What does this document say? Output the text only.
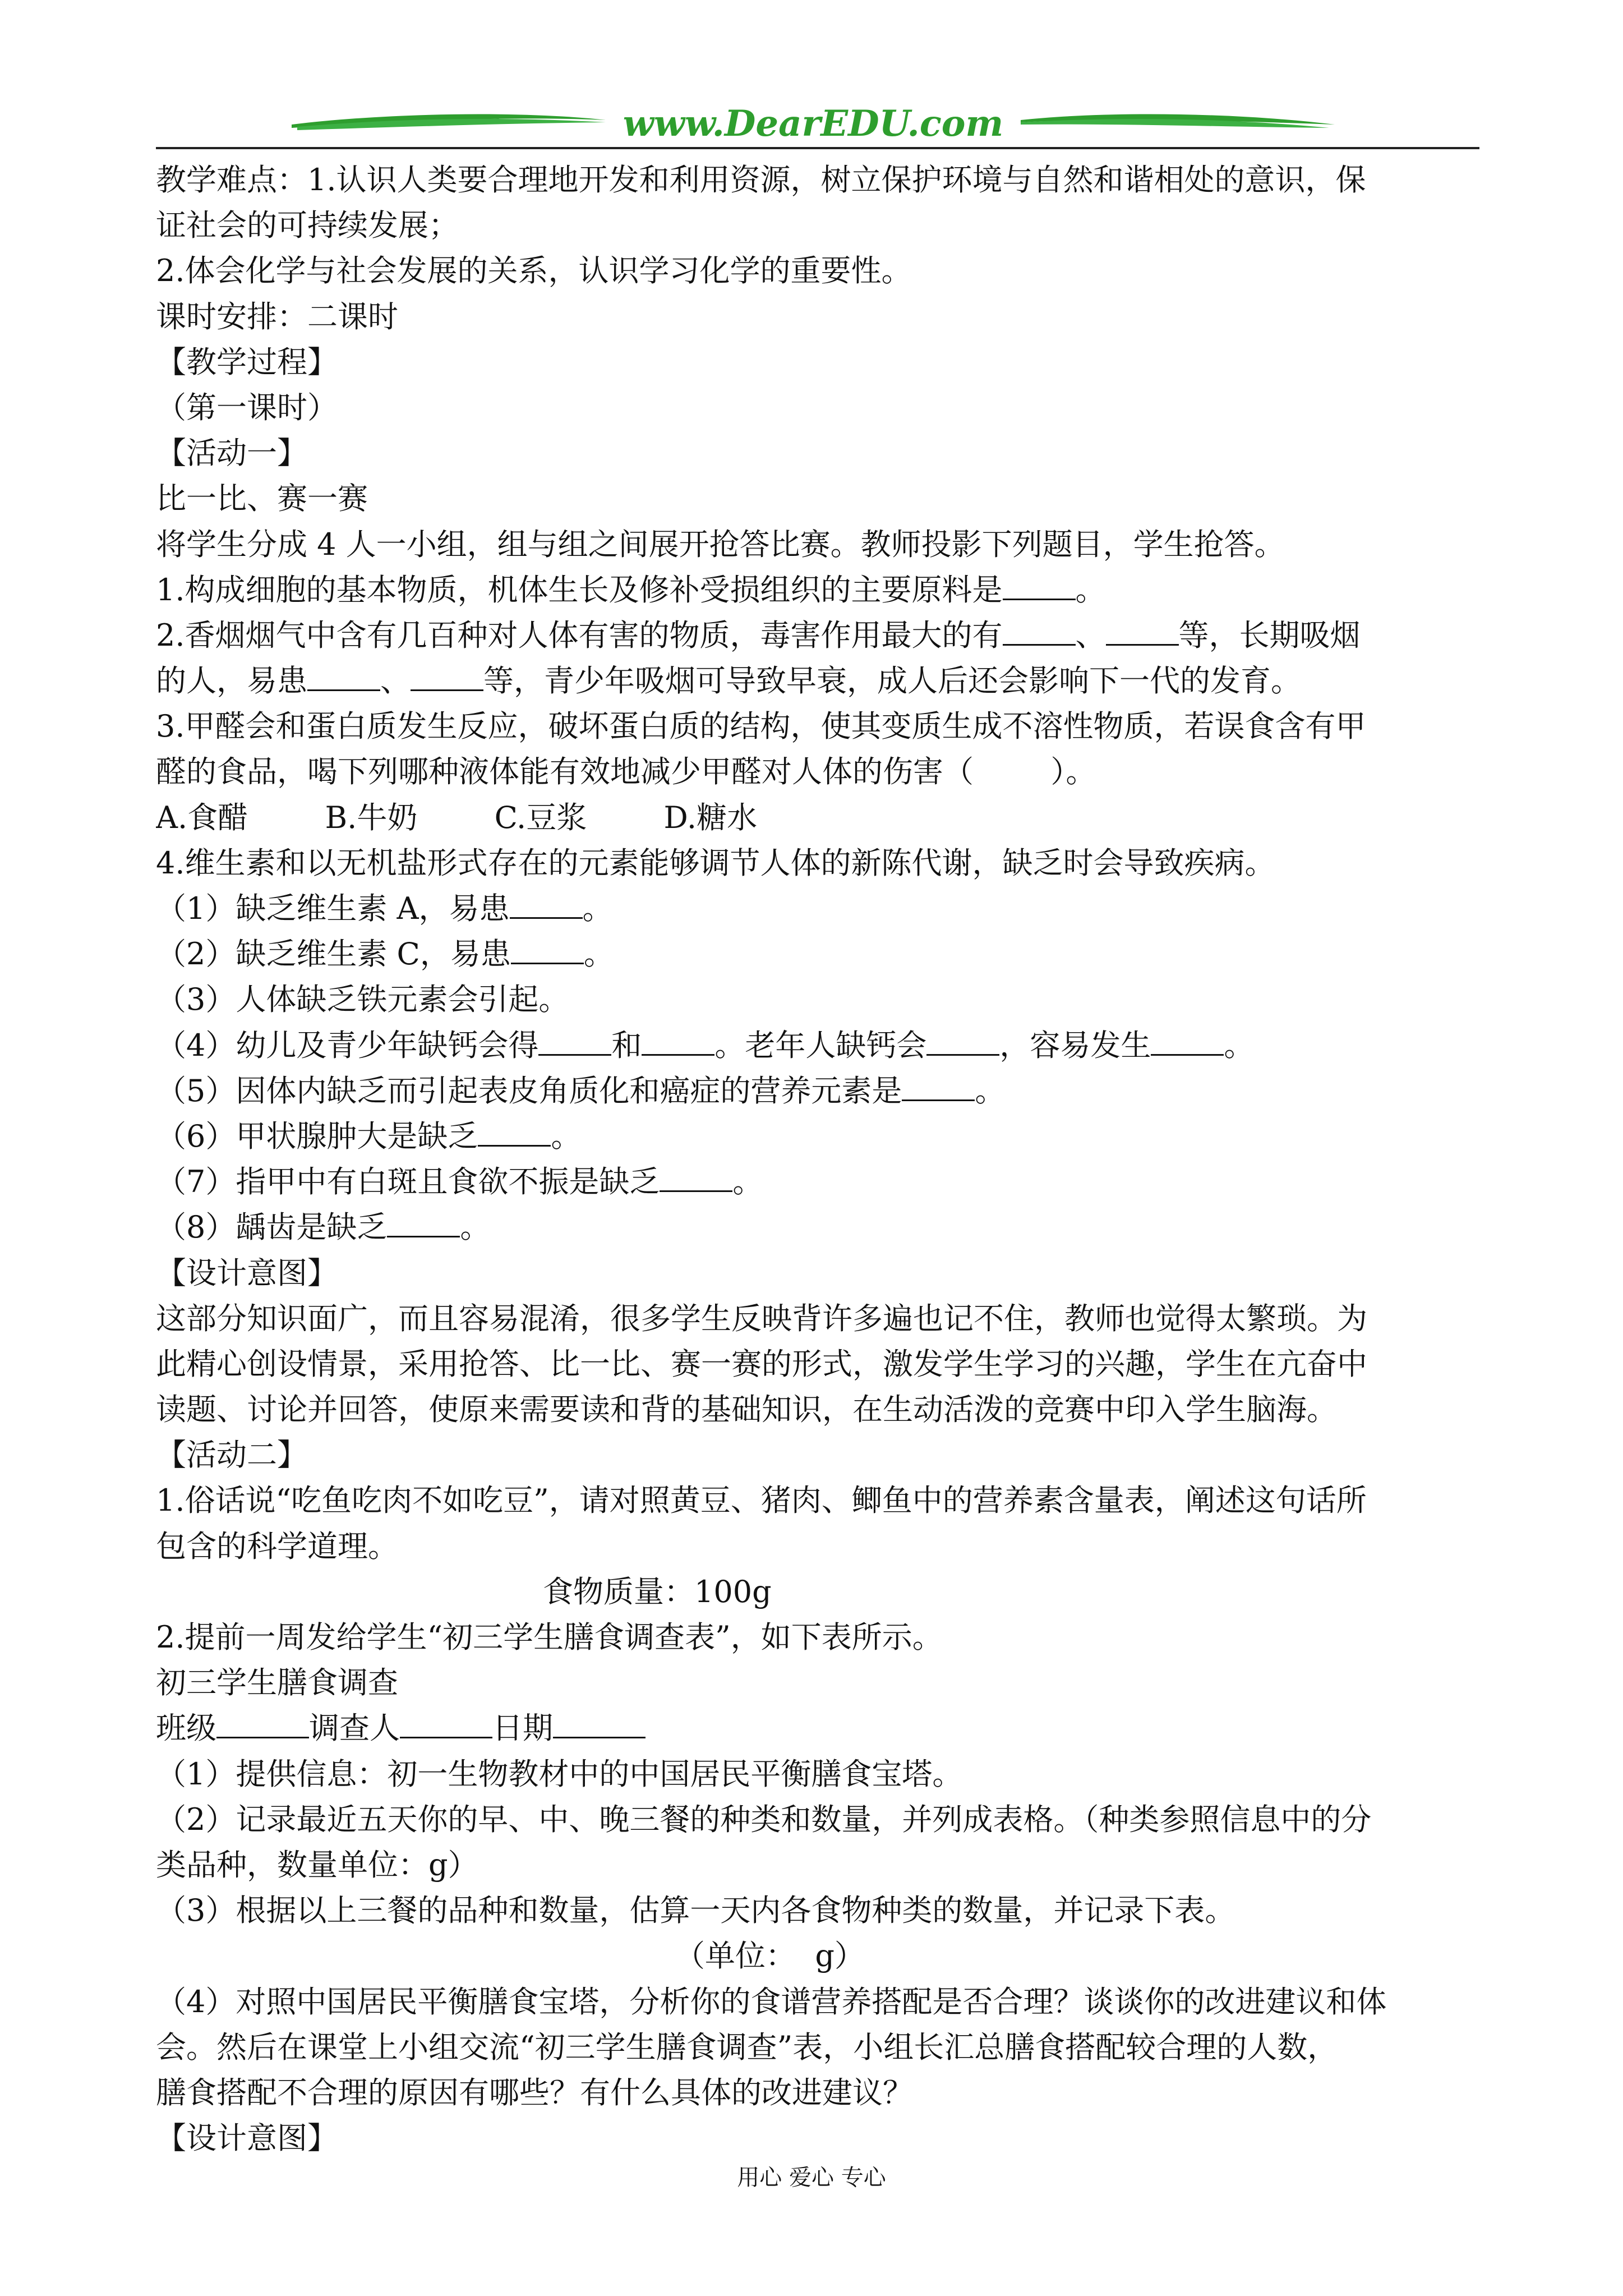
www.DearEDU.com
教学难点：1.认识人类要合理地开发和利用资源，树立保护环境与自然和谐相处的意识，保
证社会的可持续发展；
2.体会化学与社会发展的关系，认识学习化学的重要性。
课时安排：二课时
【教学过程】
（第一课时）
【活动一】
比一比、赛一赛
将学生分成 4 人一小组，组与组之间展开抢答比赛。教师投影下列题目，学生抢答。
1.构成细胞的基本物质，机体生长及修补受损组织的主要原料是 。
2.香烟烟气中含有几百种对人体有害的物质，毒害作用最大的有 、 等，长期吸烟
的人，易患 、 等，青少年吸烟可导致早衰，成人后还会影响下一代的发育。
3.甲醛会和蛋白质发生反应，破坏蛋白质的结构，使其变质生成不溶性物质，若误食含有甲
醛的食品，喝下列哪种液体能有效地减少甲醛对人体的伤害（        ）。
A.食醋        B.牛奶        C.豆浆        D.糖水
4.维生素和以无机盐形式存在的元素能够调节人体的新陈代谢，缺乏时会导致疾病。
（1）缺乏维生素 A，易患 。
（2）缺乏维生素 C，易患 。
（3）人体缺乏铁元素会引起。
（4）幼儿及青少年缺钙会得 和 。老年人缺钙会 ，容易发生 。
（5）因体内缺乏而引起表皮角质化和癌症的营养元素是 。
（6）甲状腺肿大是缺乏 。
（7）指甲中有白斑且食欲不振是缺乏 。
（8）龋齿是缺乏 。
【设计意图】
这部分知识面广，而且容易混淆，很多学生反映背许多遍也记不住，教师也觉得太繁琐。为
此精心创设情景，采用抢答、比一比、赛一赛的形式，激发学生学习的兴趣，学生在亢奋中
读题、讨论并回答，使原来需要读和背的基础知识，在生动活泼的竞赛中印入学生脑海。
【活动二】
1.俗话说“吃鱼吃肉不如吃豆”，请对照黄豆、猪肉、鲫鱼中的营养素含量表，阐述这句话所
包含的科学道理。
食物质量：100g
2.提前一周发给学生“初三学生膳食调查表”，如下表所示。
初三学生膳食调查
班级	调查人	日期
（1）提供信息：初一生物教材中的中国居民平衡膳食宝塔。
（2）记录最近五天你的早、中、晚三餐的种类和数量，并列成表格。（种类参照信息中的分
类品种，数量单位：g）
（3）根据以上三餐的品种和数量，估算一天内各食物种类的数量，并记录下表。
（单位：  g）
（4）对照中国居民平衡膳食宝塔，分析你的食谱营养搭配是否合理？谈谈你的改进建议和体
会。然后在课堂上小组交流“初三学生膳食调查”表，小组长汇总膳食搭配较合理的人数，
膳食搭配不合理的原因有哪些？有什么具体的改进建议？
【设计意图】
用心 爱心 专心
